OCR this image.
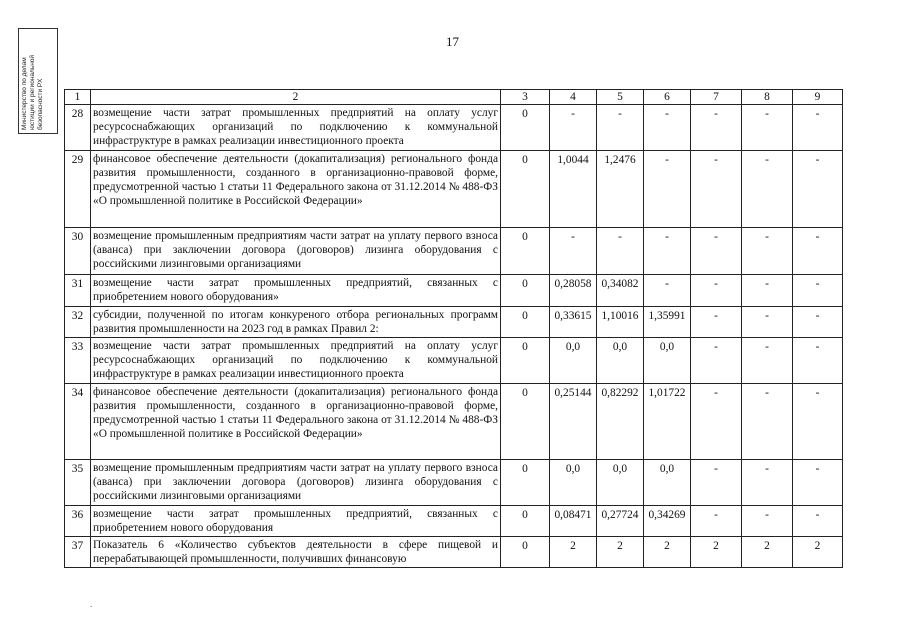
Министерство по делам юстиции и региональной безопасности РХ
17
1	2	3	4	5	6	7	8	9
28	возмещение части затрат промышленных предприятий на оплату услуг ресурсоснабжающих организаций по подключению к коммунальной инфраструктуре в рамках реализации инвестиционного проекта	0	-	-	-	-	-	-
29	финансовое обеспечение деятельности (докапитализация) регионального фонда развития промышленности, созданного в организационно-правовой форме, предусмотренной частью 1 статьи 11 Федерального закона от 31.12.2014 № 488-ФЗ «О промышленной политике в Российской Федерации»	0	1,0044	1,2476	-	-	-	-
30	возмещение промышленным предприятиям части затрат на уплату первого взноса (аванса) при заключении договора (договоров) лизинга оборудования с российскими лизинговыми организациями	0	-	-	-	-	-	-
31	возмещение части затрат промышленных предприятий, связанных с приобретением нового оборудования»	0	0,28058	0,34082	-	-	-	-
32	субсидии, полученной по итогам конкуреного отбора региональных программ развития промышленности на 2023 год в рамках Правил 2:	0	0,33615	1,10016	1,35991	-	-	-
33	возмещение части затрат промышленных предприятий на оплату услуг ресурсоснабжающих организаций по подключению к коммунальной инфраструктуре в рамках реализации инвестиционного проекта	0	0,0	0,0	0,0	-	-	-
34	финансовое обеспечение деятельности (докапитализация) регионального фонда развития промышленности, созданного в организационно-правовой форме, предусмотренной частью 1 статьи 11 Федерального закона от 31.12.2014 № 488-ФЗ «О промышленной политике в Российской Федерации»	0	0,25144	0,82292	1,01722	-	-	-
35	возмещение промышленным предприятиям части затрат на уплату первого взноса (аванса) при заключении договора (договоров) лизинга оборудования с российскими лизинговыми организациями	0	0,0	0,0	0,0	-	-	-
36	возмещение части затрат промышленных предприятий, связанных с приобретением нового оборудования	0	0,08471	0,27724	0,34269	-	-	-
37	Показатель 6 «Количество субъектов деятельности в сфере пищевой и перерабатывающей промышленности, получивших финансовую	0	2	2	2	2	2	2
.
